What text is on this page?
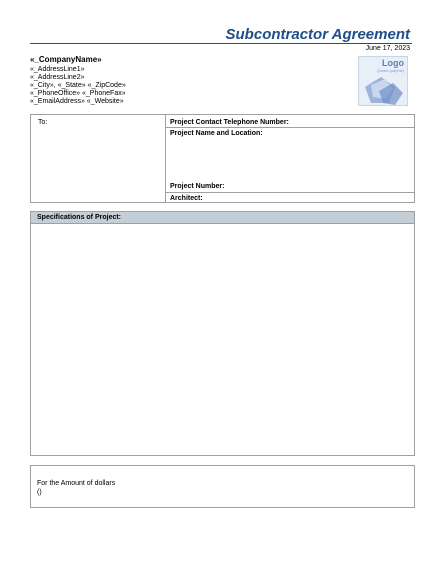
Subcontractor Agreement
June 17, 2023
«_CompanyName»
«_AddressLine1»
«_AddressLine2»
«_City», «_State» «_ZipCode»
«_PhoneOffice» «_PhoneFax»
«_EmailAddress» «_Website»
Logo
(insert graphic)
To:	Project Contact Telephone Number:
Project Name and Location:
Project Number:
Architect:
Specifications of Project:
For the Amount of dollars
()
